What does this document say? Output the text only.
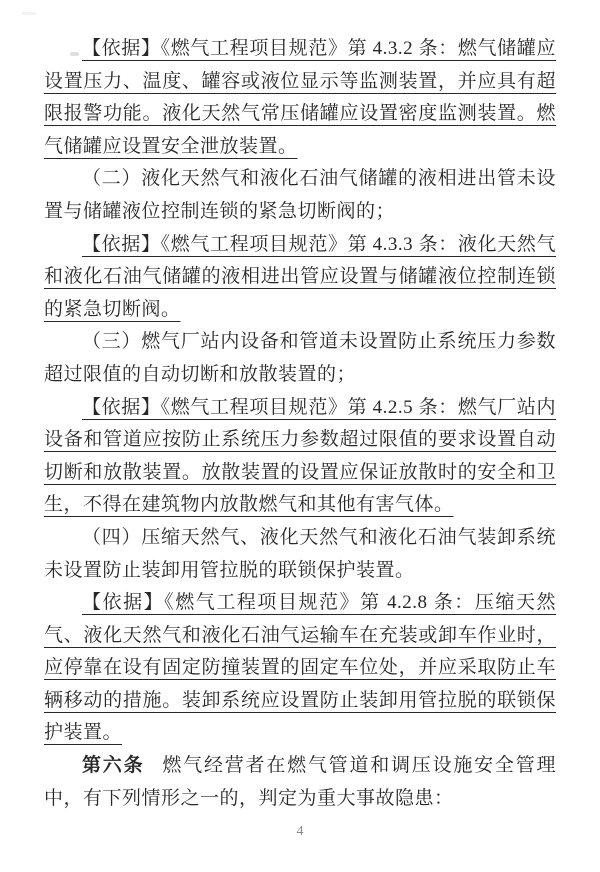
【依据】《燃气工程项目规范》第 4.3.2 条：燃气储罐应设置压力、温度、罐容或液位显示等监测装置，并应具有超限报警功能。液化天然气常压储罐应设置密度监测装置。燃气储罐应设置安全泄放装置。

（二）液化天然气和液化石油气储罐的液相进出管未设置与储罐液位控制连锁的紧急切断阀的；

【依据】《燃气工程项目规范》第 4.3.3 条：液化天然气和液化石油气储罐的液相进出管应设置与储罐液位控制连锁的紧急切断阀。

（三）燃气厂站内设备和管道未设置防止系统压力参数超过限值的自动切断和放散装置的；

【依据】《燃气工程项目规范》第 4.2.5 条：燃气厂站内设备和管道应按防止系统压力参数超过限值的要求设置自动切断和放散装置。放散装置的设置应保证放散时的安全和卫生，不得在建筑物内放散燃气和其他有害气体。

（四）压缩天然气、液化天然气和液化石油气装卸系统未设置防止装卸用管拉脱的联锁保护装置。

【依据】《燃气工程项目规范》第 4.2.8 条：压缩天然气、液化天然气和液化石油气运输车在充装或卸车作业时，应停靠在设有固定防撞装置的固定车位处，并应采取防止车辆移动的措施。装卸系统应设置防止装卸用管拉脱的联锁保护装置。

第六条 燃气经营者在燃气管道和调压设施安全管理中，有下列情形之一的，判定为重大事故隐患：

4
